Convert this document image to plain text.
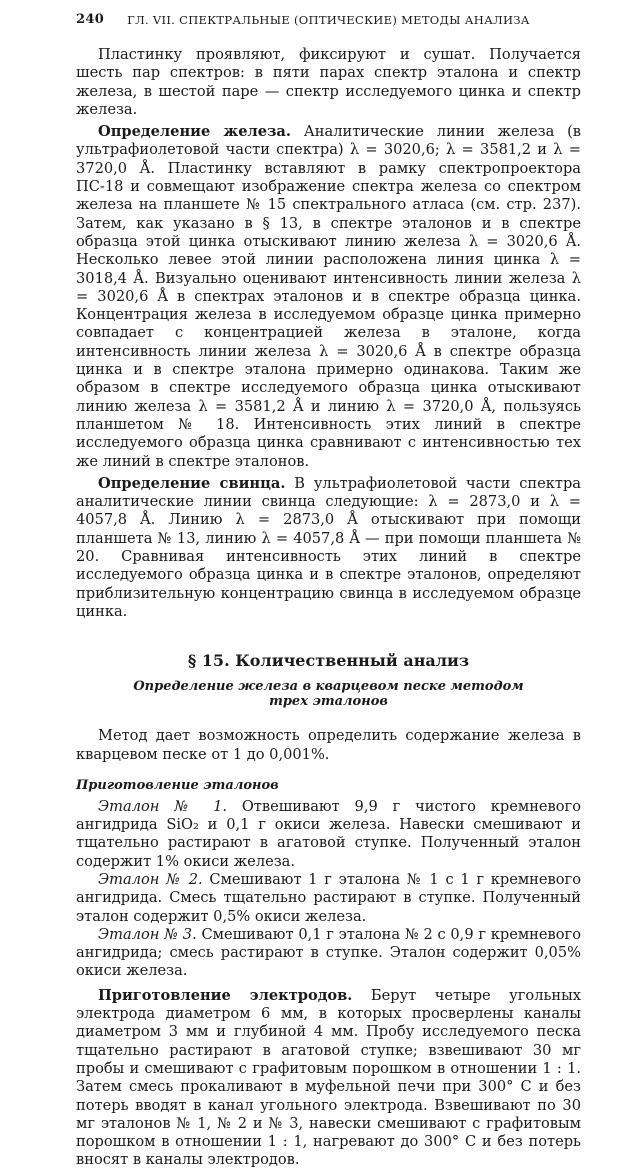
240	ГЛ. VII. СПЕКТРАЛЬНЫЕ (ОПТИЧЕСКИЕ) МЕТОДЫ АНАЛИЗА

Пластинку проявляют, фиксируют и сушат. Получается шесть пар спектров: в пяти парах спектр эталона и спектр железа, в шестой паре — спектр исследуемого цинка и спектр железа.

Определение железа. Аналитические линии железа (в ультрафиолетовой части спектра) λ = 3020,6; λ = 3581,2 и λ = 3720,0 Å. Пластинку вставляют в рамку спектропроектора ПС-18 и совмещают изображение спектра железа со спектром железа на планшете № 15 спектрального атласа (см. стр. 237). Затем, как указано в § 13, в спектре эталонов и в спектре образца этой цинка отыскивают линию железа λ = 3020,6 Å. Несколько левее этой линии расположена линия цинка λ = 3018,4 Å. Визуально оценивают интенсивность линии железа λ = 3020,6 Å в спектрах эталонов и в спектре образца цинка. Концентрация железа в исследуемом образце цинка примерно совпадает с концентрацией железа в эталоне, когда интенсивность линии железа λ = 3020,6 Å в спектре образца цинка и в спектре эталона примерно одинакова. Таким же образом в спектре исследуемого образца цинка отыскивают линию железа λ = 3581,2 Å и линию λ = 3720,0 Å, пользуясь планшетом № 18. Интенсивность этих линий в спектре исследуемого образца цинка сравнивают с интенсивностью тех же линий в спектре эталонов.

Определение свинца. В ультрафиолетовой части спектра аналитические линии свинца следующие: λ = 2873,0 и λ = 4057,8 Å. Линию λ = 2873,0 Å отыскивают при помощи планшета № 13, линию λ = 4057,8 Å — при помощи планшета № 20. Сравнивая интенсивность этих линий в спектре исследуемого образца цинка и в спектре эталонов, определяют приблизительную концентрацию свинца в исследуемом образце цинка.

§ 15. Количественный анализ
Определение железа в кварцевом песке методом
трех эталонов

Метод дает возможность определить содержание железа в кварцевом песке от 1 до 0,001%.

Приготовление эталонов

Эталон № 1. Отвешивают 9,9 г чистого кремневого ангидрида SiO₂ и 0,1 г окиси железа. Навески смешивают и тщательно растирают в агатовой ступке. Полученный эталон содержит 1% окиси железа.

Эталон № 2. Смешивают 1 г эталона № 1 с 1 г кремневого ангидрида. Смесь тщательно растирают в ступке. Полученный эталон содержит 0,5% окиси железа.

Эталон № 3. Смешивают 0,1 г эталона № 2 с 0,9 г кремневого ангидрида; смесь растирают в ступке. Эталон содержит 0,05% окиси железа.

Приготовление электродов. Берут четыре угольных электрода диаметром 6 мм, в которых просверлены каналы диаметром 3 мм и глубиной 4 мм. Пробу исследуемого песка тщательно растирают в агатовой ступке; взвешивают 30 мг пробы и смешивают с графитовым порошком в отношении 1 : 1. Затем смесь прокаливают в муфельной печи при 300° С и без потерь вводят в канал угольного электрода. Взвешивают по 30 мг эталонов № 1, № 2 и № 3, навески смешивают с графитовым порошком в отношении 1 : 1, нагревают до 300° С и без потерь вносят в каналы электродов.
